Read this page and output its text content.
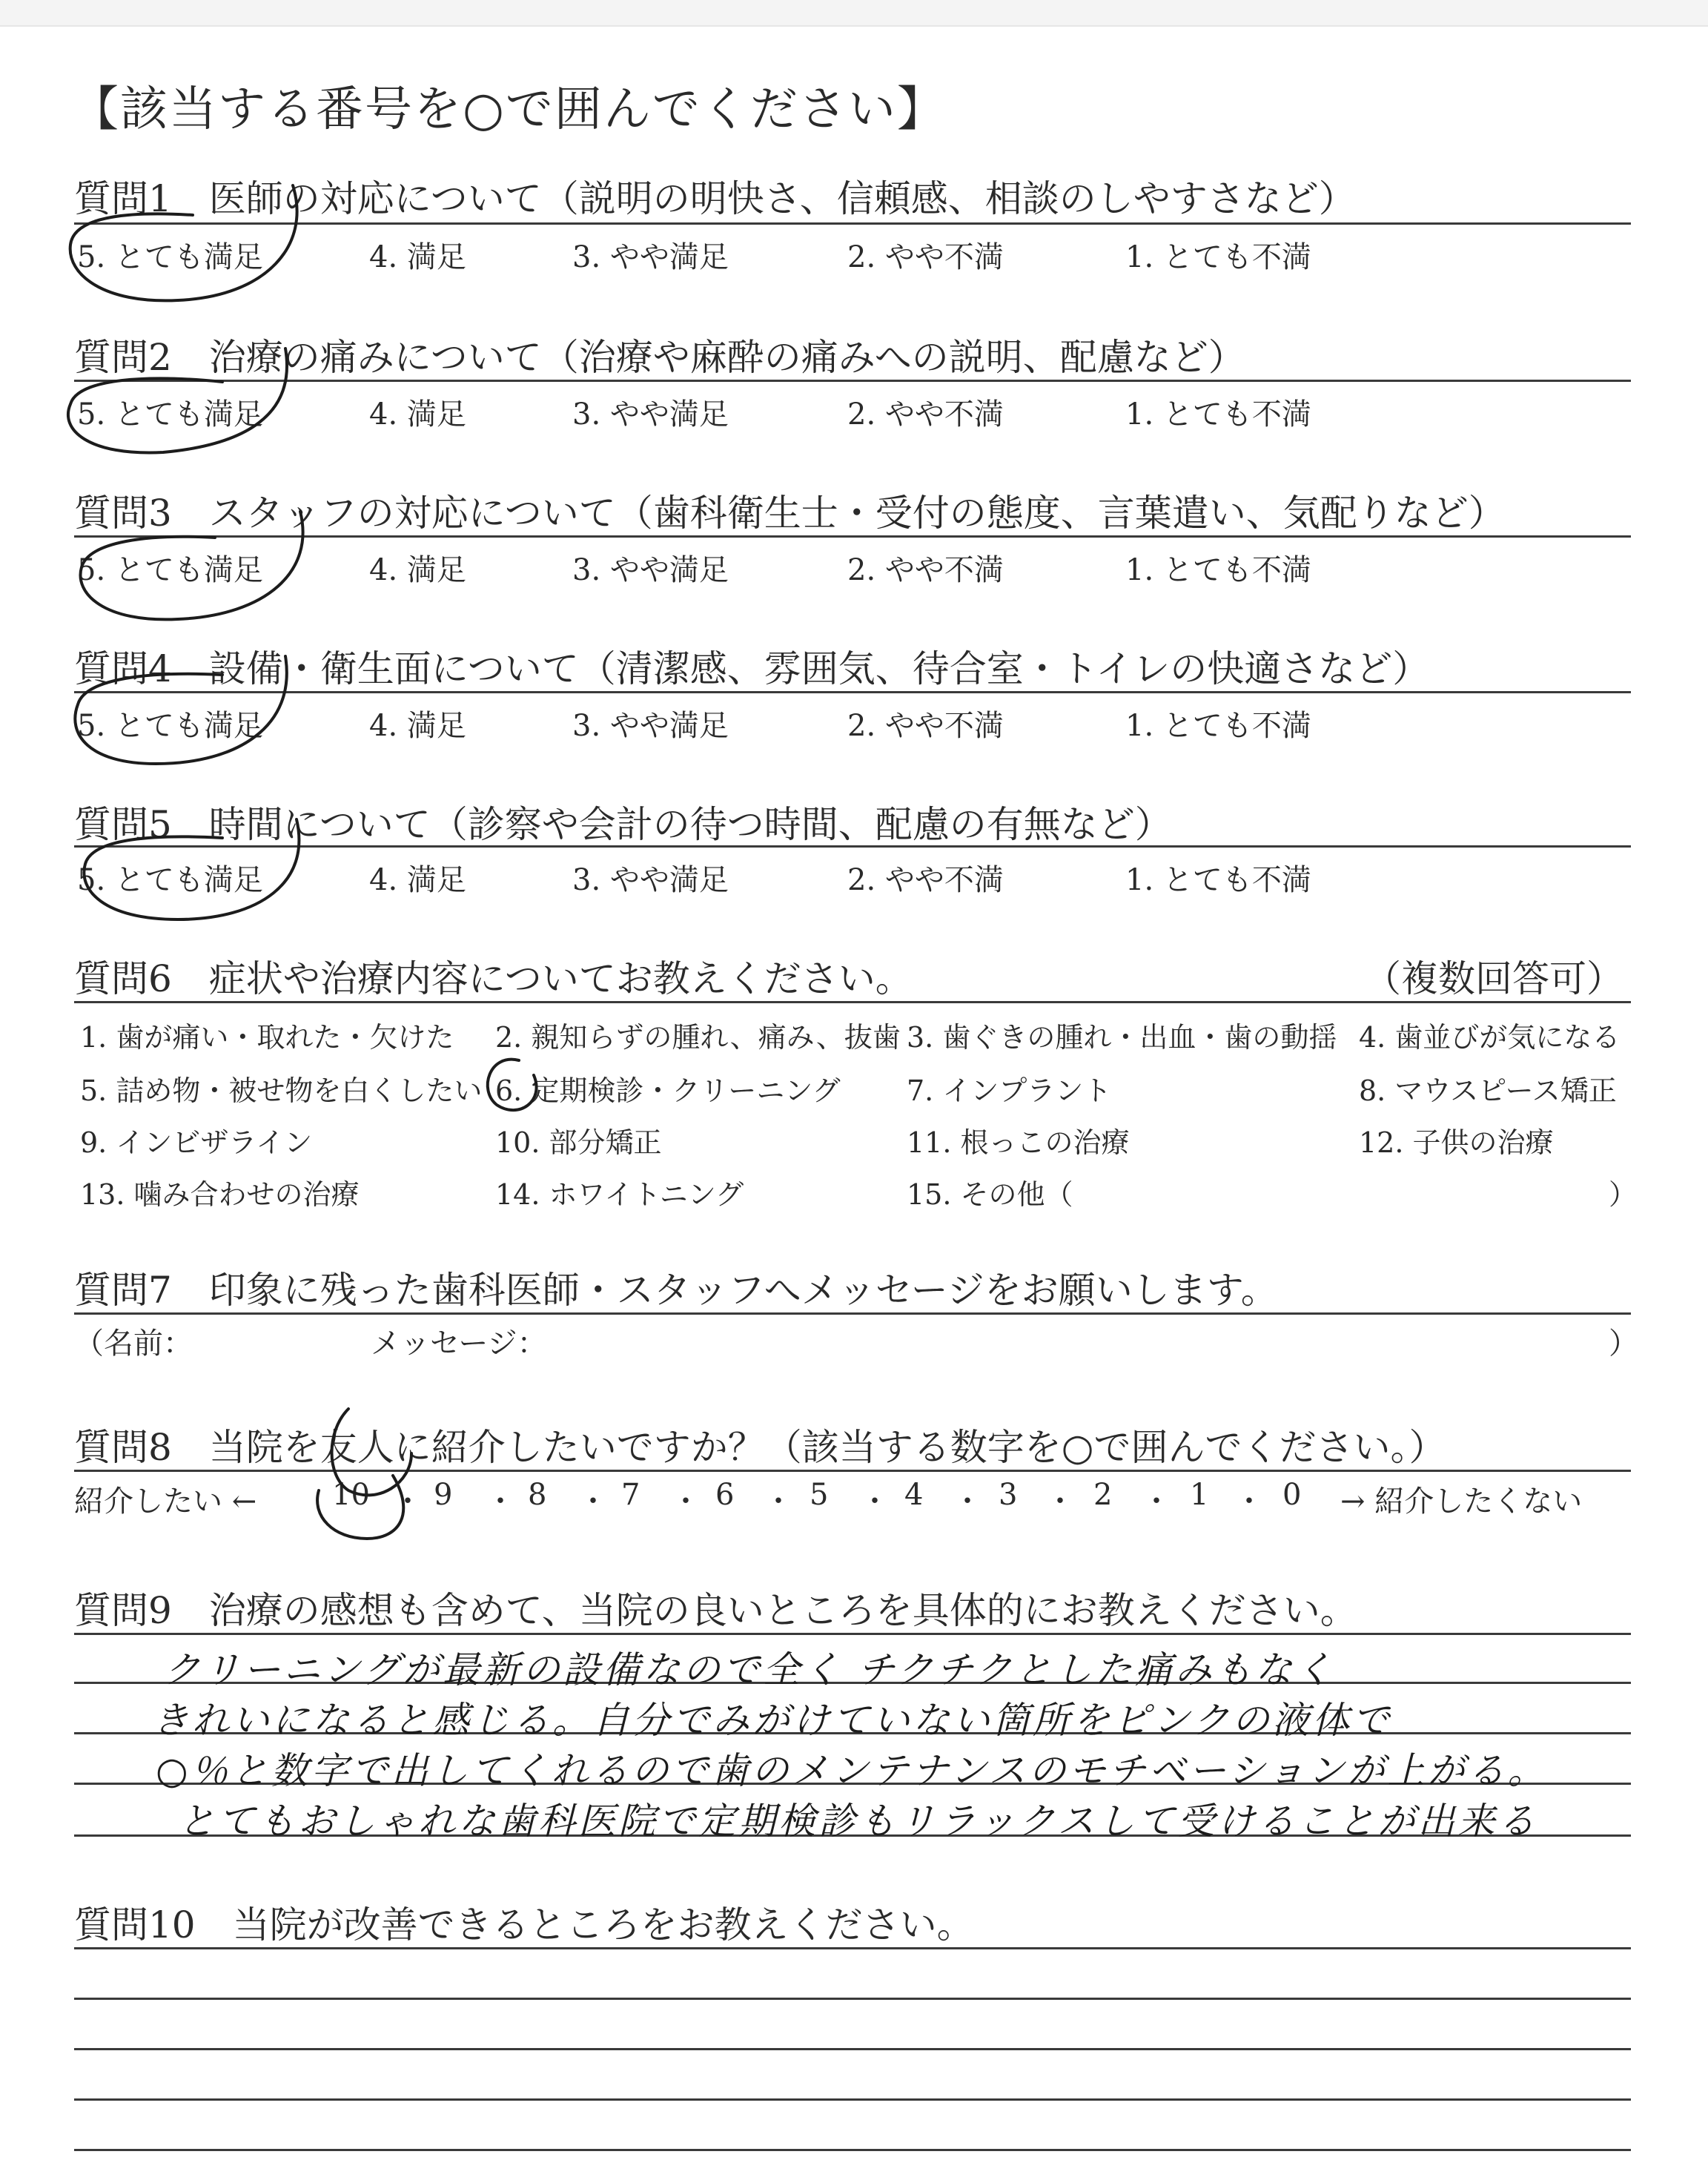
【該当する番号を○で囲んでください】
質問1　医師の対応について（説明の明快さ、信頼感、相談のしやすさなど）
5. とても満足	4. 満足	3. やや満足	2. やや不満	1. とても不満
質問2　治療の痛みについて（治療や麻酔の痛みへの説明、配慮など）
5. とても満足	4. 満足	3. やや満足	2. やや不満	1. とても不満
質問3　スタッフの対応について（歯科衛生士・受付の態度、言葉遣い、気配りなど）
5. とても満足	4. 満足	3. やや満足	2. やや不満	1. とても不満
質問4　設備・衛生面について（清潔感、雰囲気、待合室・トイレの快適さなど）
5. とても満足	4. 満足	3. やや満足	2. やや不満	1. とても不満
質問5　時間について（診察や会計の待つ時間、配慮の有無など）
5. とても満足	4. 満足	3. やや満足	2. やや不満	1. とても不満
質問6　症状や治療内容についてお教えください。	（複数回答可）
1. 歯が痛い・取れた・欠けた 2. 親知らずの腫れ、痛み、抜歯 3. 歯ぐきの腫れ・出血・歯の動揺 4. 歯並びが気になる
5. 詰め物・被せ物を白くしたい 6. 定期検診・クリーニング 7. インプラント	8. マウスピース矯正
9. インビザライン	10. 部分矯正	11. 根っこの治療	12. 子供の治療
13. 噛み合わせの治療	14. ホワイトニング	15. その他（	）
質問7　印象に残った歯科医師・スタッフへメッセージをお願いします。
（名前：	メッセージ：	）
質問8　当院を友人に紹介したいですか？（該当する数字を○で囲んでください。）
紹介したい ←	→ 紹介したくない
10 ・ 9 ・ 8 ・ 7 ・ 6 ・ 5 ・ 4 ・ 3 ・ 2 ・ 1 ・ 0
質問9　治療の感想も含めて、当院の良いところを具体的にお教えください。
クリーニングが最新の設備なので全く チクチクとした痛みもなく
きれいになると感じる。自分でみがけていない箇所をピンクの液体で
○％と数字で出してくれるので歯のメンテナンスのモチベーションが上がる。
とてもおしゃれな歯科医院で定期検診もリラックスして受けることが出来る
質問10　当院が改善できるところをお教えください。
